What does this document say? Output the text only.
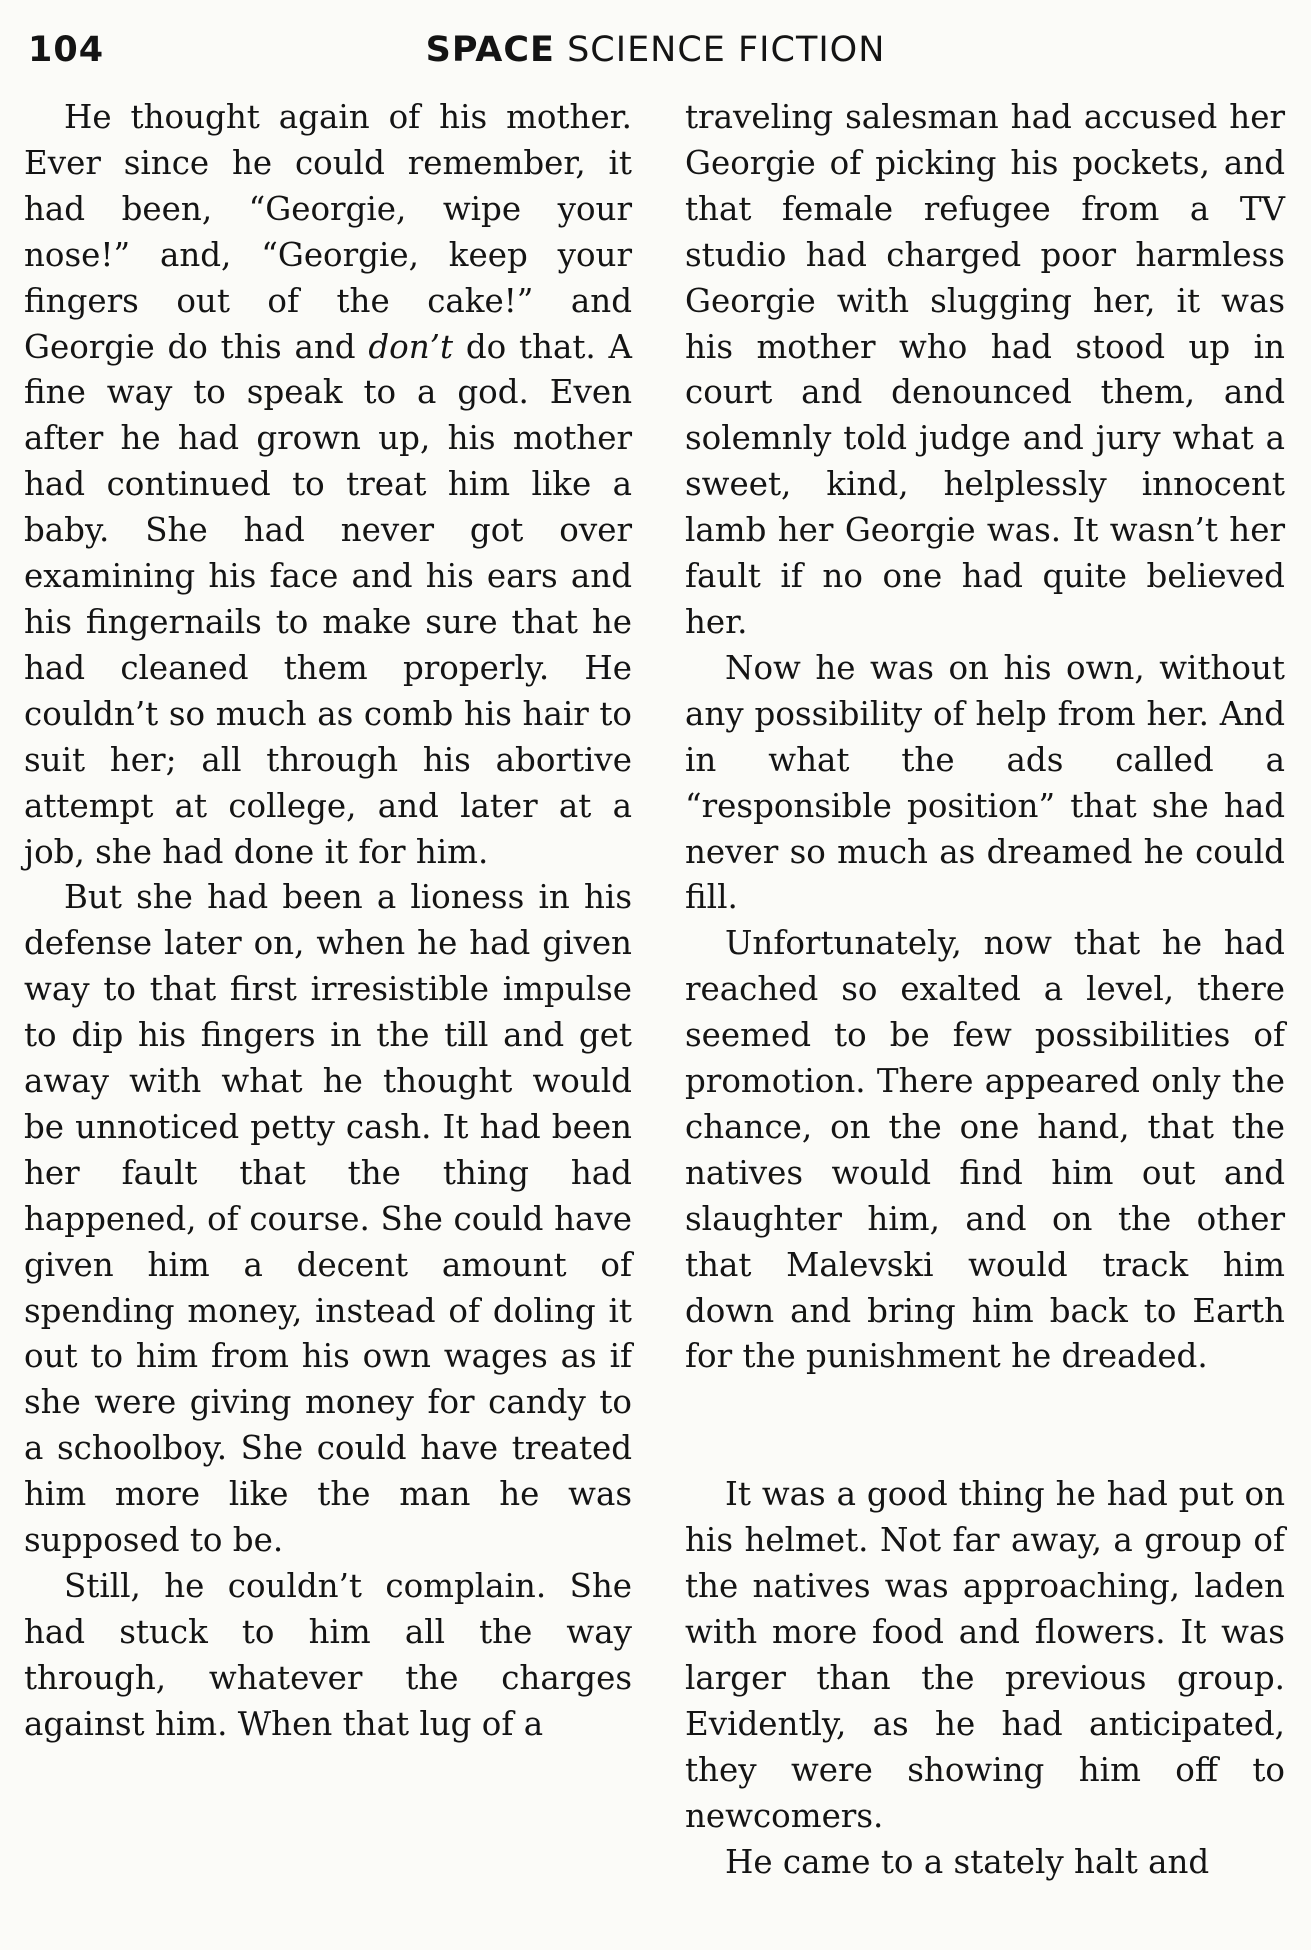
104	SPACE SCIENCE FICTION

He thought again of his mother. Ever since he could remember, it had been, “Georgie, wipe your nose!” and, “Georgie, keep your fingers out of the cake!” and Georgie do this and don’t do that. A fine way to speak to a god. Even after he had grown up, his mother had continued to treat him like a baby. She had never got over examining his face and his ears and his fingernails to make sure that he had cleaned them properly. He couldn’t so much as comb his hair to suit her; all through his abortive attempt at college, and later at a job, she had done it for him.

But she had been a lioness in his defense later on, when he had given way to that first irresistible impulse to dip his fingers in the till and get away with what he thought would be unnoticed petty cash. It had been her fault that the thing had happened, of course. She could have given him a decent amount of spending money, instead of doling it out to him from his own wages as if she were giving money for candy to a schoolboy. She could have treated him more like the man he was supposed to be.

Still, he couldn’t complain. She had stuck to him all the way through, whatever the charges against him. When that lug of a

traveling salesman had accused her Georgie of picking his pockets, and that female refugee from a TV studio had charged poor harmless Georgie with slugging her, it was his mother who had stood up in court and denounced them, and solemnly told judge and jury what a sweet, kind, helplessly innocent lamb her Georgie was. It wasn’t her fault if no one had quite believed her.

Now he was on his own, without any possibility of help from her. And in what the ads called a “responsible position” that she had never so much as dreamed he could fill.

Unfortunately, now that he had reached so exalted a level, there seemed to be few possibilities of promotion. There appeared only the chance, on the one hand, that the natives would find him out and slaughter him, and on the other that Malevski would track him down and bring him back to Earth for the punishment he dreaded.

It was a good thing he had put on his helmet. Not far away, a group of the natives was approaching, laden with more food and flowers. It was larger than the previous group. Evidently, as he had anticipated, they were showing him off to newcomers.

He came to a stately halt and
